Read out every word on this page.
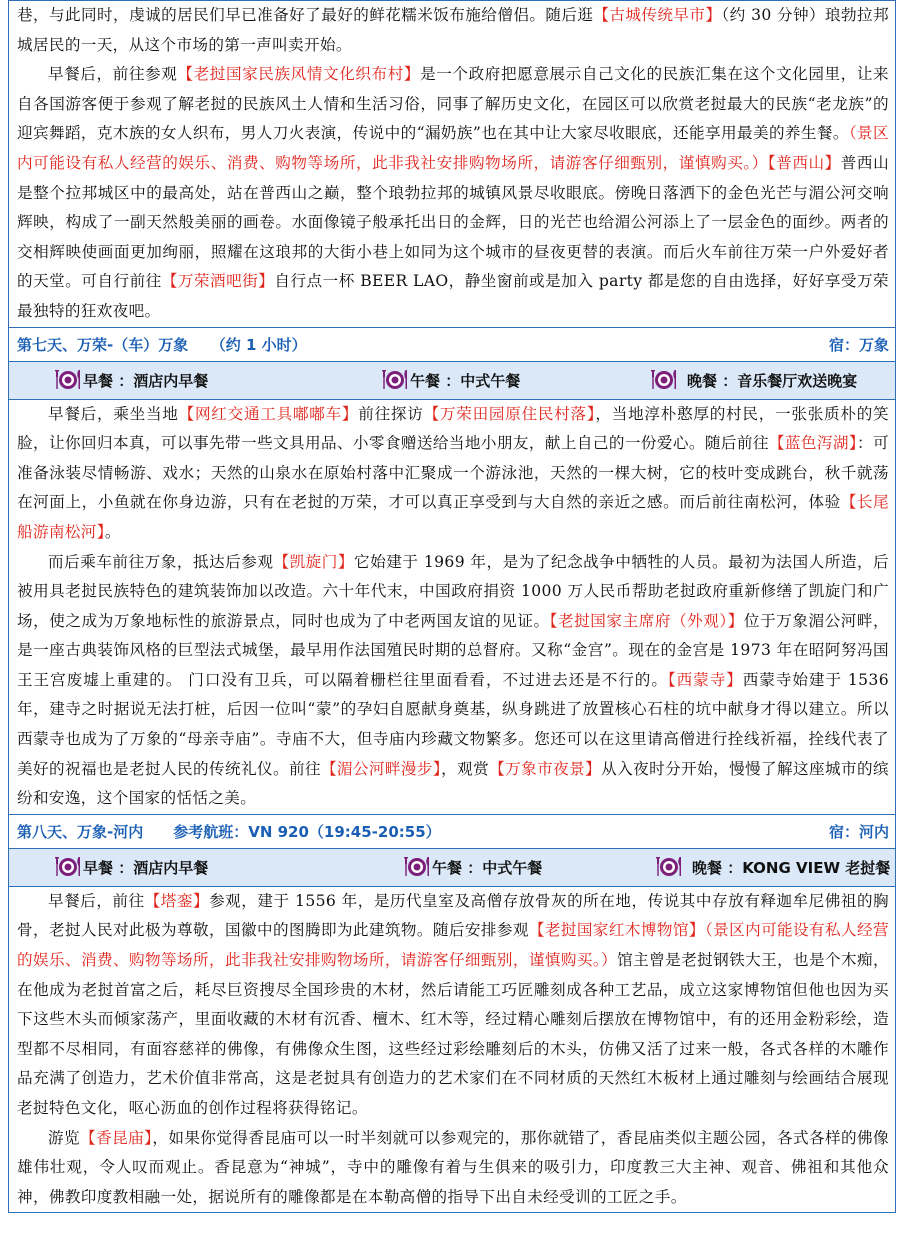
巷，与此同时，虔诚的居民们早已准备好了最好的鲜花糯米饭布施给僧侣。随后逛【古城传统早市】（约 30 分钟）琅勃拉邦城居民的一天，从这个市场的第一声叫卖开始。

早餐后，前往参观【老挝国家民族风情文化织布村】是一个政府把愿意展示自己文化的民族汇集在这个文化园里，让来自各国游客便于参观了解老挝的民族风土人情和生活习俗，同事了解历史文化，在园区可以欣赏老挝最大的民族“老龙族”的迎宾舞蹈，克木族的女人织布，男人刀火表演，传说中的“漏奶族”也在其中让大家尽收眼底，还能享用最美的养生餐。（景区内可能设有私人经营的娱乐、消费、购物等场所，此非我社安排购物场所，请游客仔细甄别，谨慎购买。）【普西山】普西山是整个拉邦城区中的最高处，站在普西山之巅，整个琅勃拉邦的城镇风景尽收眼底。傍晚日落洒下的金色光芒与湄公河交响辉映，构成了一副天然般美丽的画卷。水面像镜子般承托出日的金辉，日的光芒也给湄公河添上了一层金色的面纱。两者的交相辉映使画面更加绚丽，照耀在这琅邦的大街小巷上如同为这个城市的昼夜更替的表演。而后火车前往万荣一户外爱好者的天堂。可自行前往【万荣酒吧街】自行点一杯 BEER LAO，静坐窗前或是加入 party 都是您的自由选择，好好享受万荣最独特的狂欢夜吧。

第七天、万荣-（车）万象　　（约 1 小时）	宿：万象
早餐 ：酒店内早餐	午餐 ：中式午餐	晚餐 ：音乐餐厅欢送晚宴

早餐后，乘坐当地【网红交通工具嘟嘟车】前往探访【万荣田园原住民村落】，当地淳朴憨厚的村民，一张张质朴的笑脸，让你回归本真，可以事先带一些文具用品、小零食赠送给当地小朋友，献上自己的一份爱心。随后前往【蓝色泻湖】：可准备泳装尽情畅游、戏水；天然的山泉水在原始村落中汇聚成一个游泳池，天然的一棵大树，它的枝叶变成跳台，秋千就荡在河面上，小鱼就在你身边游，只有在老挝的万荣，才可以真正享受到与大自然的亲近之感。而后前往南松河，体验【长尾船游南松河】。

而后乘车前往万象，抵达后参观【凯旋门】它始建于 1969 年，是为了纪念战争中牺牲的人员。最初为法国人所造，后被用具老挝民族特色的建筑装饰加以改造。六十年代末，中国政府捐资 1000 万人民币帮助老挝政府重新修缮了凯旋门和广场，使之成为万象地标性的旅游景点，同时也成为了中老两国友谊的见证。【老挝国家主席府（外观）】位于万象湄公河畔，是一座古典装饰风格的巨型法式城堡，最早用作法国殖民时期的总督府。又称“金宫”。现在的金宫是 1973 年在昭阿努冯国王王宫废墟上重建的。 门口没有卫兵，可以隔着栅栏往里面看看，不过进去还是不行的。【西蒙寺】西蒙寺始建于 1536 年，建寺之时据说无法打桩，后因一位叫“蒙”的孕妇自愿献身奠基，纵身跳进了放置核心石柱的坑中献身才得以建立。所以西蒙寺也成为了万象的“母亲寺庙”。寺庙不大，但寺庙内珍藏文物繁多。您还可以在这里请高僧进行拴线祈福，拴线代表了美好的祝福也是老挝人民的传统礼仪。前往【湄公河畔漫步】，观赏【万象市夜景】从入夜时分开始，慢慢了解这座城市的缤纷和安逸，这个国家的恬恬之美。

第八天、万象-河内　　参考航班：VN 920（19:45-20:55）	宿：河内
早餐 ：酒店内早餐	午餐 ：中式午餐	晚餐 ：KONG VIEW 老挝餐

早餐后，前往【塔銮】参观，建于 1556 年，是历代皇室及高僧存放骨灰的所在地，传说其中存放有释迦牟尼佛祖的胸骨，老挝人民对此极为尊敬，国徽中的图腾即为此建筑物。随后安排参观【老挝国家红木博物馆】（景区内可能设有私人经营的娱乐、消费、购物等场所，此非我社安排购物场所，请游客仔细甄别，谨慎购买。）馆主曾是老挝钢铁大王，也是个木痴，在他成为老挝首富之后，耗尽巨资搜尽全国珍贵的木材，然后请能工巧匠雕刻成各种工艺品，成立这家博物馆但他也因为买下这些木头而倾家荡产，里面收藏的木材有沉香、檀木、红木等，经过精心雕刻后摆放在博物馆中，有的还用金粉彩绘，造型都不尽相同，有面容慈祥的佛像，有佛像众生图，这些经过彩绘雕刻后的木头，仿佛又活了过来一般，各式各样的木雕作品充满了创造力，艺术价值非常高，这是老挝具有创造力的艺术家们在不同材质的天然红木板材上通过雕刻与绘画结合展现老挝特色文化，呕心沥血的创作过程将获得铭记。

游览【香昆庙】，如果你觉得香昆庙可以一时半刻就可以参观完的，那你就错了，香昆庙类似主题公园，各式各样的佛像雄伟壮观，令人叹而观止。香昆意为“神城”，寺中的雕像有着与生俱来的吸引力，印度教三大主神、观音、佛祖和其他众神，佛教印度教相融一处，据说所有的雕像都是在本勒高僧的指导下出自未经受训的工匠之手。
